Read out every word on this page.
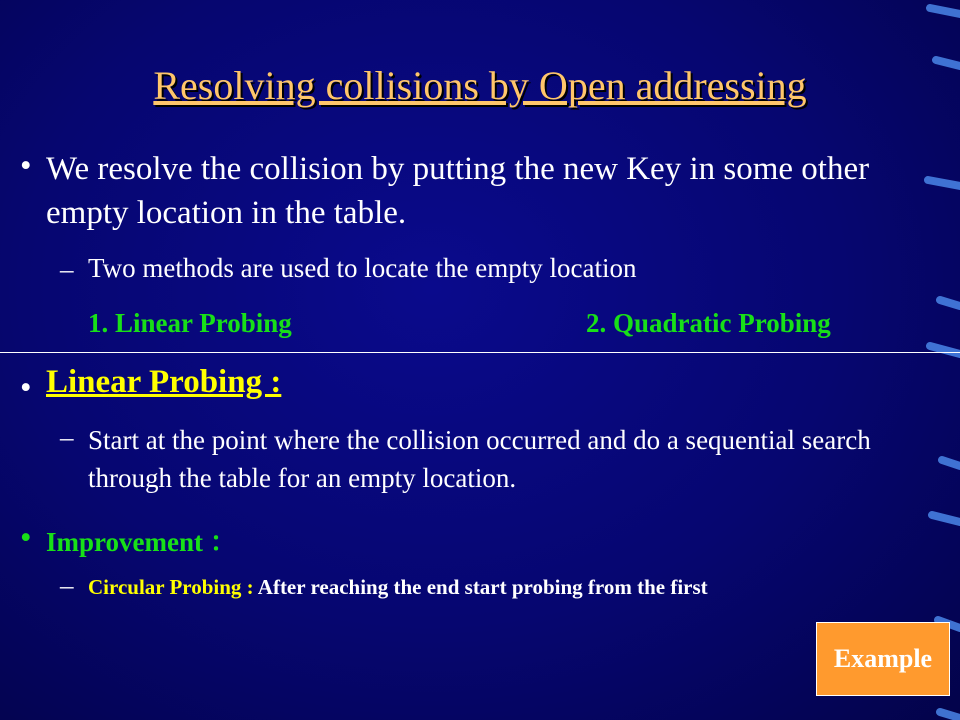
Resolving collisions by Open addressing
• We resolve the collision by putting the new Key in some other empty location in the table.
– Two methods are used to locate the empty location
1. Linear Probing	2. Quadratic Probing
• Linear Probing :
– Start at the point where the collision occurred and do a sequential search through the table for an empty location.
• Improvement ：
– Circular Probing : After reaching the end start probing from the first
Example
